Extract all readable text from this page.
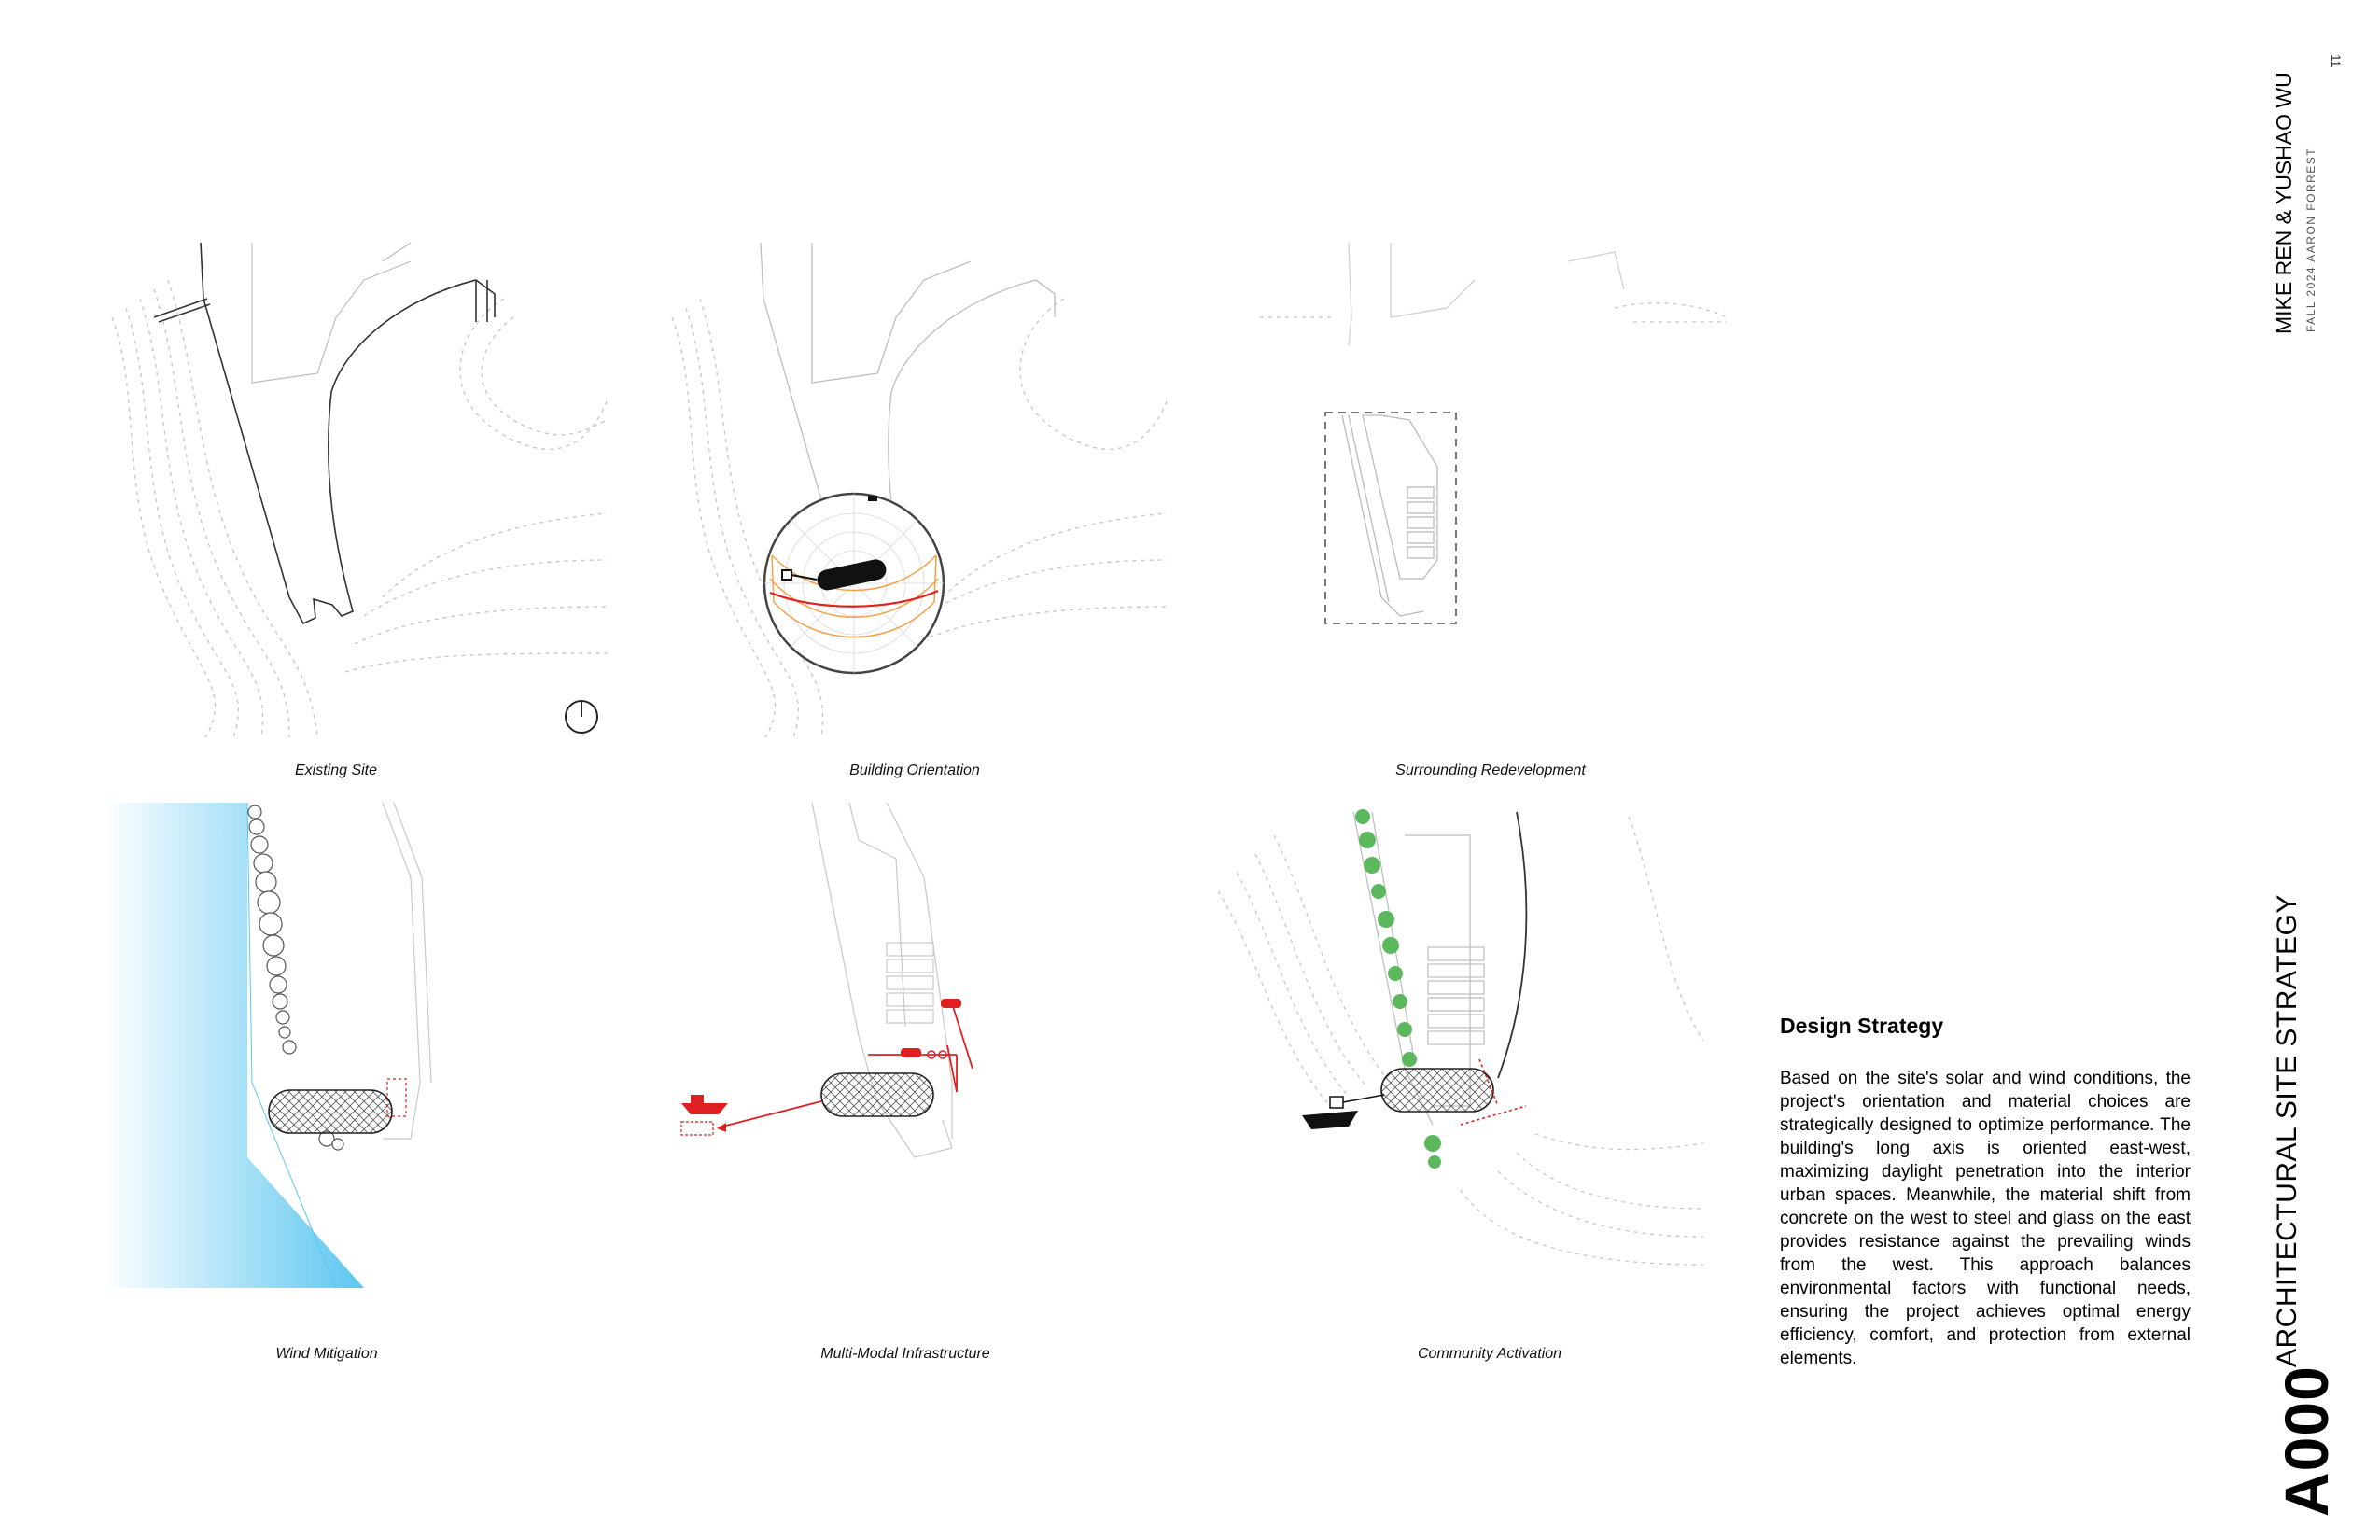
Existing Site	Building Orientation	Surrounding Redevelopment
Wind Mitigation	Multi-Modal Infrastructure	Community Activation
Design Strategy
Based on the site's solar and wind conditions, the project's orientation and material choices are strategically designed to optimize performance. The building's long axis is oriented east-west, maximizing daylight penetration into the interior urban spaces. Meanwhile, the material shift from concrete on the west to steel and glass on the east provides resistance against the prevailing winds from the west. This approach balances environmental factors with functional needs, ensuring the project achieves optimal energy efficiency, comfort, and protection from external elements.
A000
ARCHITECTURAL SITE STRATEGY
MIKE REN & YUSHAO WU FALL 2024 AARON FORREST
11
